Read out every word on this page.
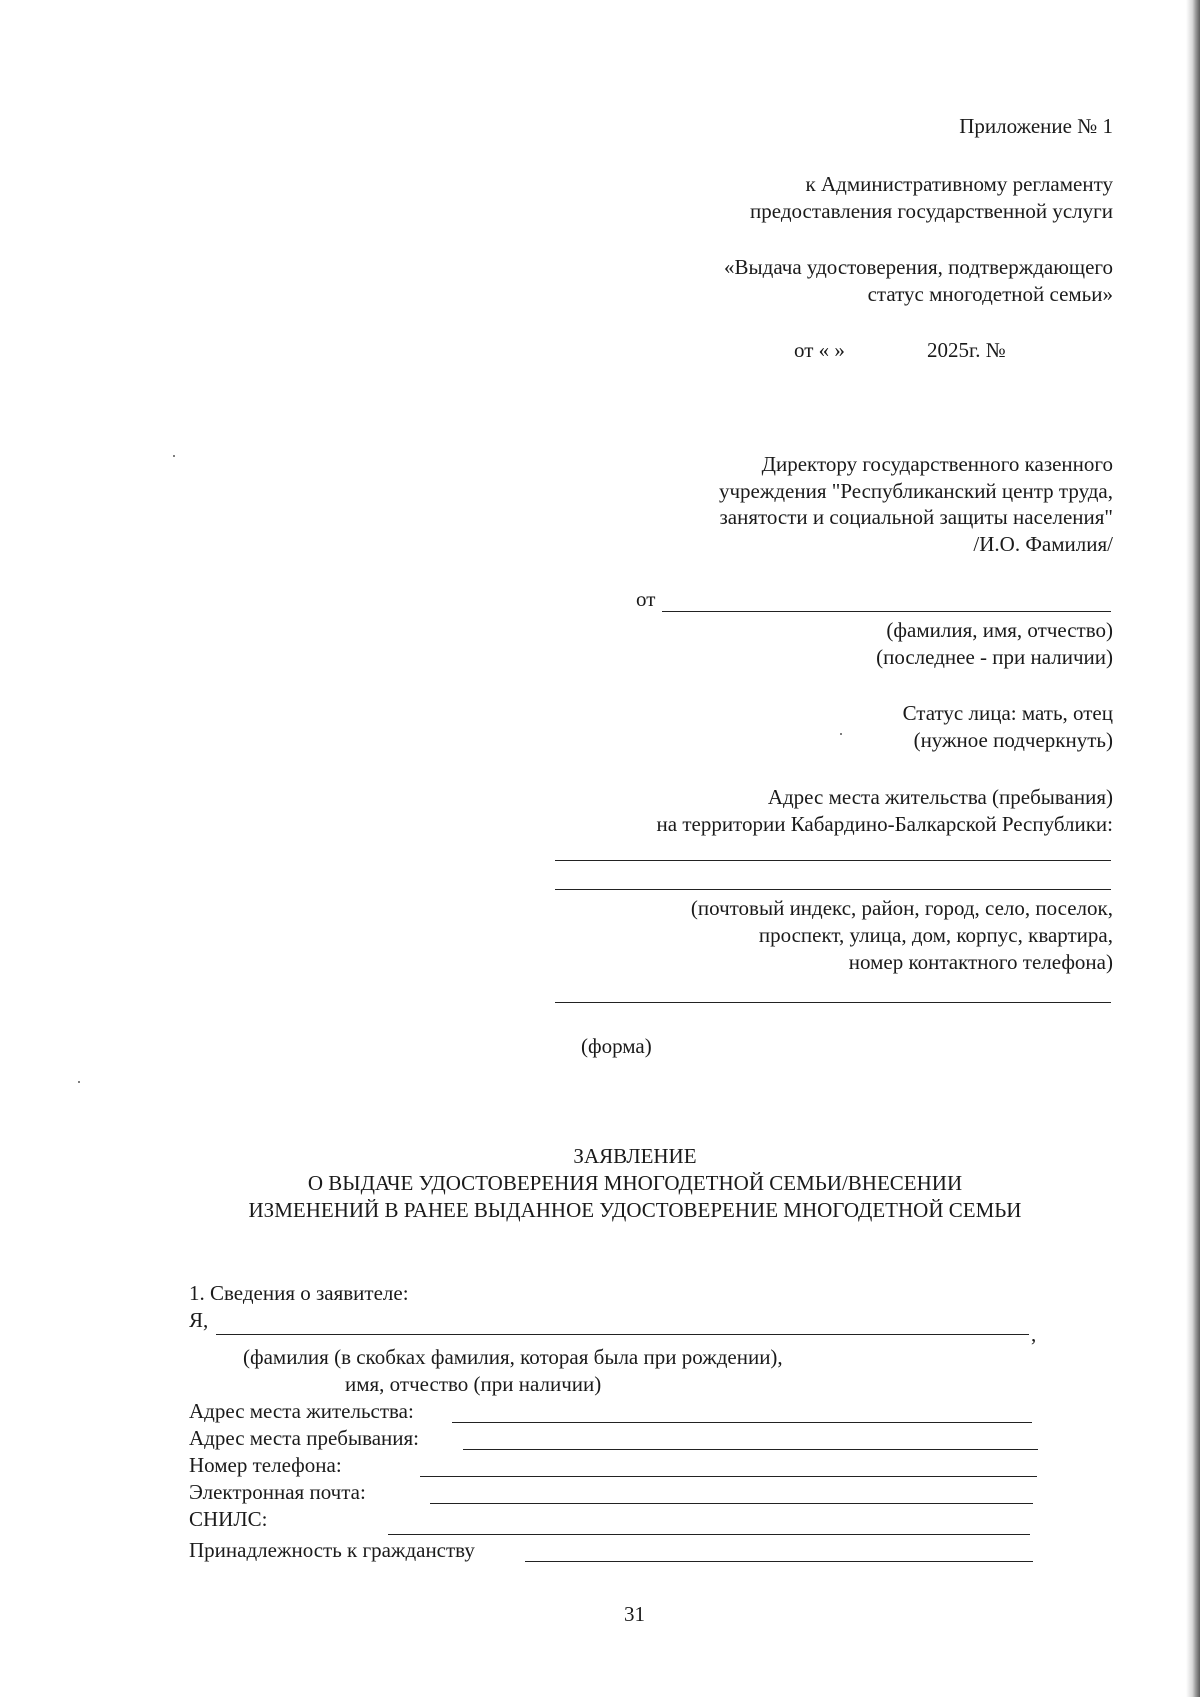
Приложение № 1
к Административному регламенту
предоставления государственной услуги
«Выдача удостоверения, подтверждающего
статус многодетной семьи»
от « »	2025г. №
Директору государственного казенного
учреждения "Республиканский центр труда,
занятости и социальной защиты населения"
/И.О. Фамилия/
от
(фамилия, имя, отчество)
(последнее - при наличии)
Статус лица: мать, отец
(нужное подчеркнуть)
Адрес места жительства (пребывания)
на территории Кабардино-Балкарской Республики:
(почтовый индекс, район, город, село, поселок,
проспект, улица, дом, корпус, квартира,
номер контактного телефона)
(форма)
ЗАЯВЛЕНИЕ
О ВЫДАЧЕ УДОСТОВЕРЕНИЯ МНОГОДЕТНОЙ СЕМЬИ/ВНЕСЕНИИ
ИЗМЕНЕНИЙ В РАНЕЕ ВЫДАННОЕ УДОСТОВЕРЕНИЕ МНОГОДЕТНОЙ СЕМЬИ
1. Сведения о заявителе:
Я,
,
(фамилия (в скобках фамилия, которая была при рождении),
имя, отчество (при наличии)
Адрес места жительства:
Адрес места пребывания:
Номер телефона:
Электронная почта:
СНИЛС:
Принадлежность к гражданству
31
